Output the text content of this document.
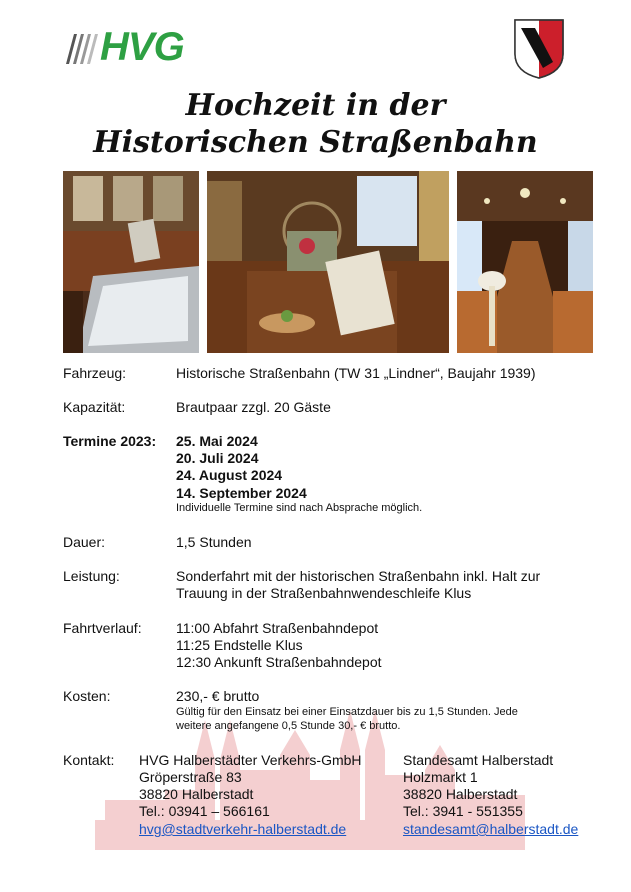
HVG
Hochzeit in der
Historischen Straßenbahn
Fahrzeug:	Historische Straßenbahn (TW 31 „Lindner“, Baujahr 1939)
Kapazität:	Brautpaar zzgl. 20 Gäste
Termine 2023: 25. Mai 2024
20. Juli 2024
24. August 2024
14. September 2024
Individuelle Termine sind nach Absprache möglich.
Dauer:	1,5 Stunden
Leistung:	Sonderfahrt mit der historischen Straßenbahn inkl. Halt zur
Trauung in der Straßenbahnwendeschleife Klus
Fahrtverlauf: 11:00 Abfahrt Straßenbahndepot
11:25 Endstelle Klus
12:30 Ankunft Straßenbahndepot
Kosten:	230,- € brutto
Gültig für den Einsatz bei einer Einsatzdauer bis zu 1,5 Stunden. Jede
weitere angefangene 0,5 Stunde 30,- € brutto.
Kontakt: HVG Halberstädter Verkehrs-GmbH
Gröperstraße 83
38820 Halberstadt
Tel.: 03941 – 566161
hvg@stadtverkehr-halberstadt.de
Standesamt Halberstadt
Holzmarkt 1
38820 Halberstadt
Tel.: 3941 - 551355
standesamt@halberstadt.de
